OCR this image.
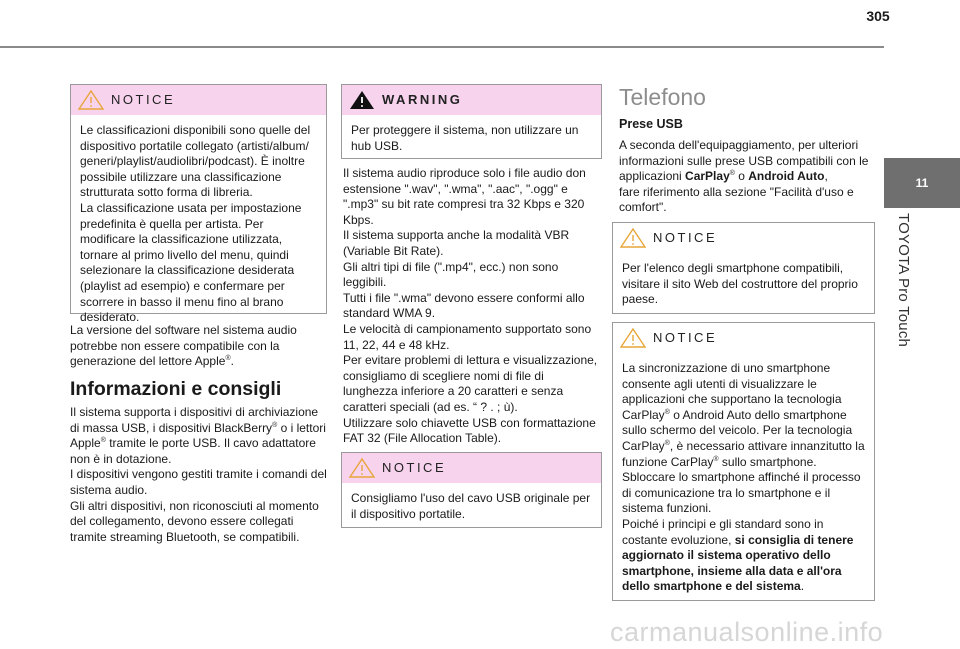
305
11
TOYOTA Pro Touch
NOTICE
Le classificazioni disponibili sono quelle del dispositivo portatile collegato (artisti/album/ generi/playlist/audiolibri/podcast). È inoltre possibile utilizzare una classificazione strutturata sotto forma di libreria.
La classificazione usata per impostazione predefinita è quella per artista. Per modificare la classificazione utilizzata, tornare al primo livello del menu, quindi selezionare la classificazione desiderata (playlist ad esempio) e confermare per scorrere in basso il menu fino al brano desiderato.
La versione del software nel sistema audio potrebbe non essere compatibile con la generazione del lettore Apple®.
Informazioni e consigli
Il sistema supporta i dispositivi di archiviazione di massa USB, i dispositivi BlackBerry® o i lettori Apple® tramite le porte USB. Il cavo adattatore non è in dotazione.
I dispositivi vengono gestiti tramite i comandi del sistema audio.
Gli altri dispositivi, non riconosciuti al momento del collegamento, devono essere collegati tramite streaming Bluetooth, se compatibili.
WARNING
Per proteggere il sistema, non utilizzare un hub USB.
Il sistema audio riproduce solo i file audio don estensione ".wav", ".wma", ".aac", ".ogg" e ".mp3" su bit rate compresi tra 32 Kbps e 320 Kbps.
Il sistema supporta anche la modalità VBR (Variable Bit Rate).
Gli altri tipi di file (".mp4", ecc.) non sono leggibili.
Tutti i file ".wma" devono essere conformi allo standard WMA 9.
Le velocità di campionamento supportato sono 11, 22, 44 e 48 kHz.
Per evitare problemi di lettura e visualizzazione, consigliamo di scegliere nomi di file di lunghezza inferiore a 20 caratteri e senza caratteri speciali (ad es. “ ? . ; ù).
Utilizzare solo chiavette USB con formattazione FAT 32 (File Allocation Table).
NOTICE
Consigliamo l'uso del cavo USB originale per il dispositivo portatile.
Telefono
Prese USB
A seconda dell'equipaggiamento, per ulteriori informazioni sulle prese USB compatibili con le applicazioni CarPlay® o Android Auto,
fare riferimento alla sezione "Facilità d'uso e comfort".
NOTICE
Per l'elenco degli smartphone compatibili, visitare il sito Web del costruttore del proprio paese.
NOTICE
La sincronizzazione di uno smartphone consente agli utenti di visualizzare le applicazioni che supportano la tecnologia CarPlay® o Android Auto dello smartphone sullo schermo del veicolo. Per la tecnologia CarPlay®, è necessario attivare innanzitutto la funzione CarPlay® sullo smartphone.
Sbloccare lo smartphone affinché il processo di comunicazione tra lo smartphone e il sistema funzioni.
Poiché i principi e gli standard sono in costante evoluzione, si consiglia di tenere aggiornato il sistema operativo dello smartphone, insieme alla data e all'ora dello smartphone e del sistema.
carmanualsonline.info
